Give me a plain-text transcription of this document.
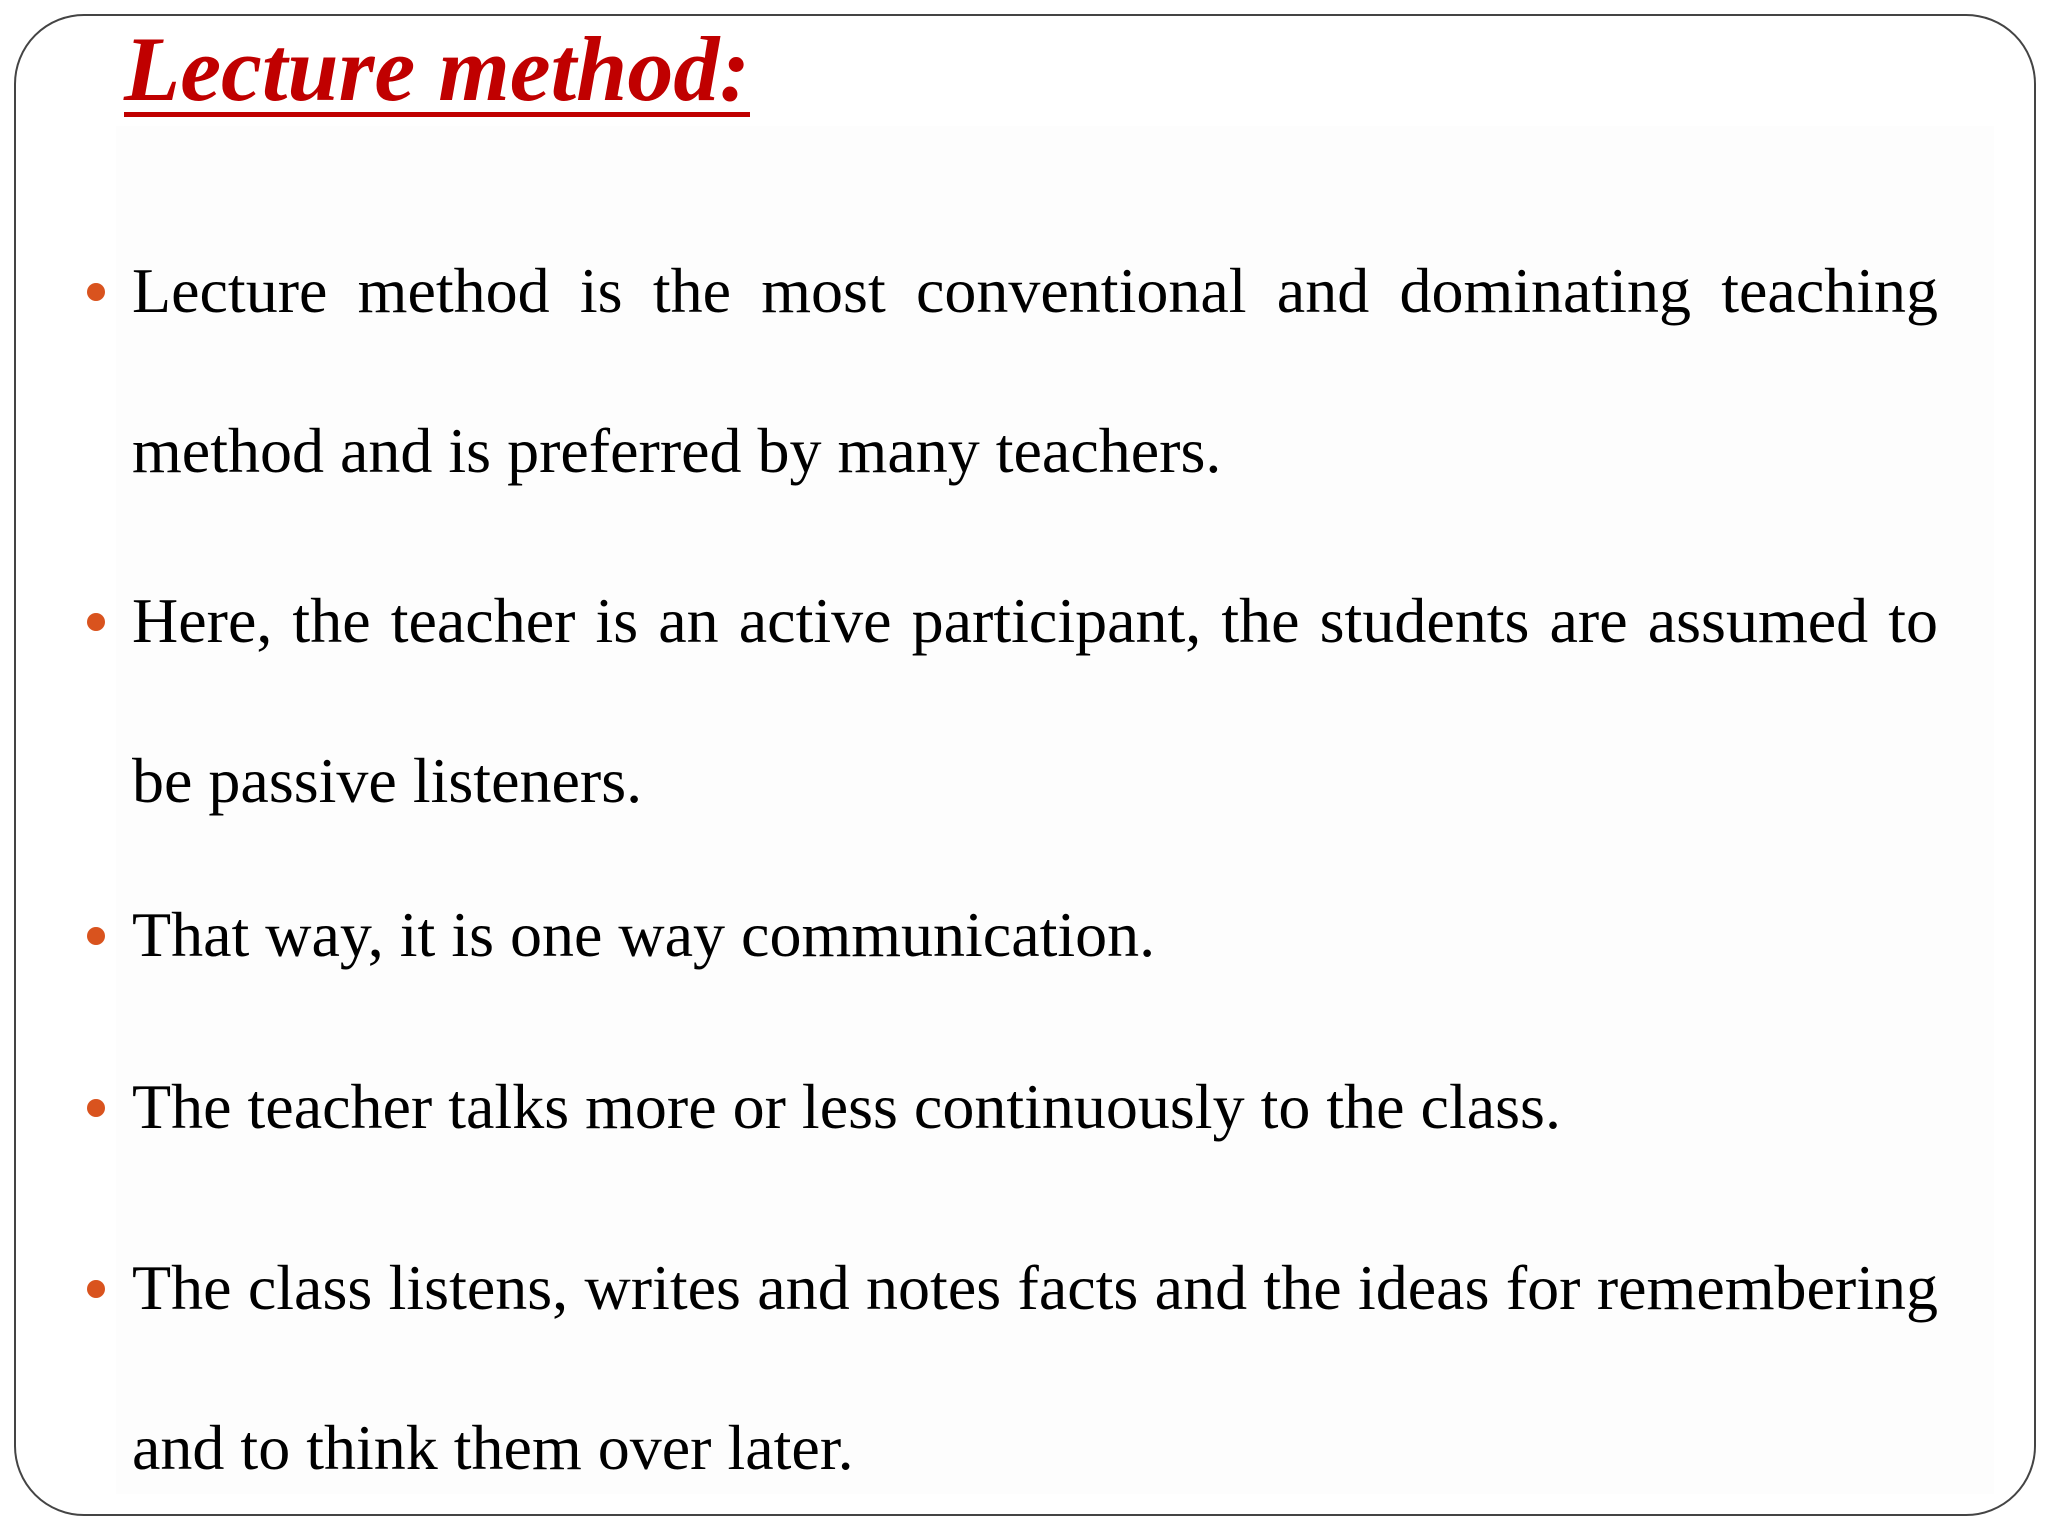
Lecture method:
Lecture method is the most conventional and dominating teaching method and is preferred by many teachers.
Here, the teacher is an active participant, the students are assumed to be passive listeners.
That way, it is one way communication.
The teacher talks more or less continuously to the class.
The class listens, writes and notes facts and the ideas for remembering and to think them over later.
